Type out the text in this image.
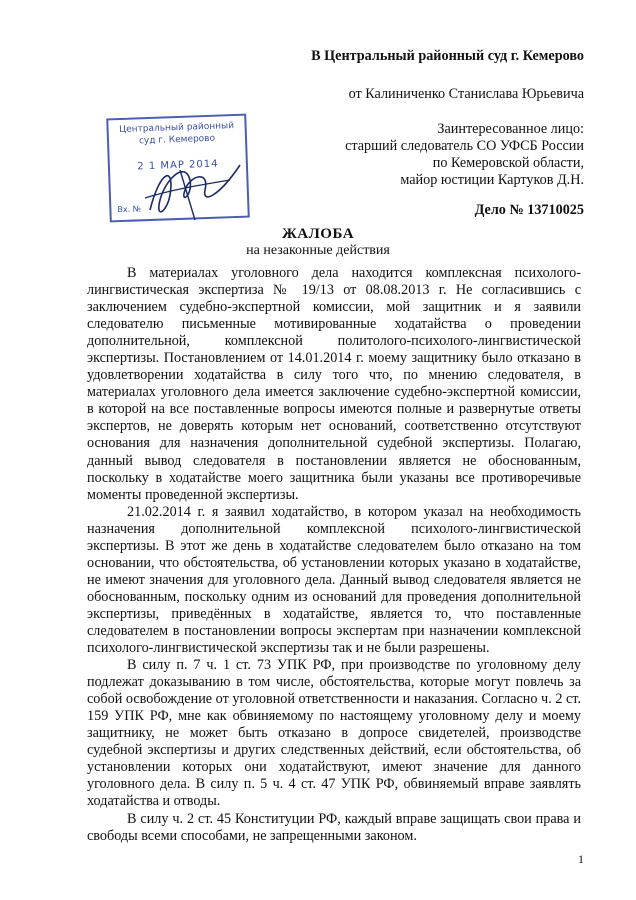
В Центральный районный суд г. Кемерово
от Калиниченко Станислава Юрьевича
Заинтересованное лицо:
старший следователь СО УФСБ России
по Кемеровской области,
майор юстиции Картуков Д.Н.
Центральный районный
суд г. Кемерово
2 1 МАР 2014
Вх. №	Дело № 13710025
ЖАЛОБА
на незаконные действия

В материалах уголовного дела находится комплексная психолого-лингвистическая экспертиза № 19/13 от 08.08.2013 г. Не согласившись с заключением судебно-экспертной комиссии, мой защитник и я заявили следователю письменные мотивированные ходатайства о проведении дополнительной, комплексной политолого-психолого-лингвистической экспертизы. Постановлением от 14.01.2014 г. моему защитнику было отказано в удовлетворении ходатайства в силу того что, по мнению следователя, в материалах уголовного дела имеется заключение судебно-экспертной комиссии, в которой на все поставленные вопросы имеются полные и развернутые ответы экспертов, не доверять которым нет оснований, соответственно отсутствуют основания для назначения дополнительной судебной экспертизы. Полагаю, данный вывод следователя в постановлении является не обоснованным, поскольку в ходатайстве моего защитника были указаны все противоречивые моменты проведенной экспертизы.

21.02.2014 г. я заявил ходатайство, в котором указал на необходимость назначения дополнительной комплексной психолого-лингвистической экспертизы. В этот же день в ходатайстве следователем было отказано на том основании, что обстоятельства, об установлении которых указано в ходатайстве, не имеют значения для уголовного дела. Данный вывод следователя является не обоснованным, поскольку одним из оснований для проведения дополнительной экспертизы, приведённых в ходатайстве, является то, что поставленные следователем в постановлении вопросы экспертам при назначении комплексной психолого-лингвистической экспертизы так и не были разрешены.

В силу п. 7 ч. 1 ст. 73 УПК РФ, при производстве по уголовному делу подлежат доказыванию в том числе, обстоятельства, которые могут повлечь за собой освобождение от уголовной ответственности и наказания. Согласно ч. 2 ст. 159 УПК РФ, мне как обвиняемому по настоящему уголовному делу и моему защитнику, не может быть отказано в допросе свидетелей, производстве судебной экспертизы и других следственных действий, если обстоятельства, об установлении которых они ходатайствуют, имеют значение для данного уголовного дела. В силу п. 5 ч. 4 ст. 47 УПК РФ, обвиняемый вправе заявлять ходатайства и отводы.

В силу ч. 2 ст. 45 Конституции РФ, каждый вправе защищать свои права и свободы всеми способами, не запрещенными законом.

1
